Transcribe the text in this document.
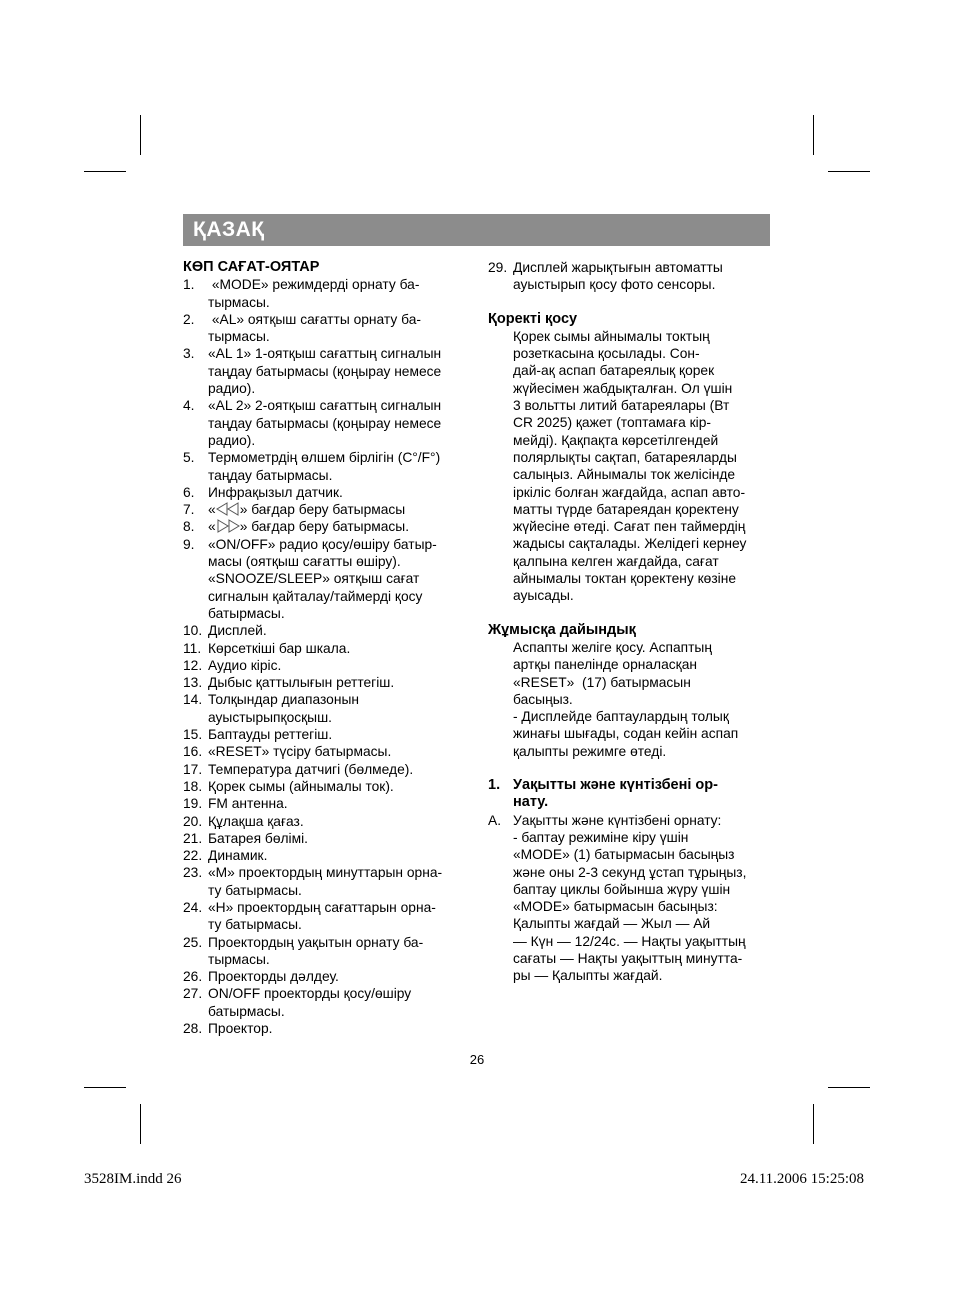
ҚАЗАҚ
КӨП САҒАТ-ОЯТАР
1. «MODE» режимдерді орнату ба-
тырмасы.
2. «AL» оятқыш сағатты орнату ба-
тырмасы.
3. «AL 1» 1-оятқыш сағаттың сигналын
таңдау батырмасы (қоңырау немесе
радио).
4. «AL 2» 2-оятқыш сағаттың сигналын
таңдау батырмасы (қоңырау немесе
радио).
5. Термометрдің өлшем бірлігін (C°/F°)
таңдау батырмасы.
6. Инфрақызыл датчик.
7. « » бағдар беру батырмасы
8. « » бағдар беру батырмасы.
9. «ON/OFF» радио қосу/өшіру батыр-
масы (оятқыш сағатты өшіру).
«SNOOZE/SLEEP» оятқыш сағат
сигналын қайталау/таймерді қосу
батырмасы.
10. Дисплей.
11. Көрсеткіші бар шкала.
12. Аудио кіріс.
13. Дыбыс қаттылығын реттегіш.
14. Толқындар диапазонын
ауыстырыпқосқыш.
15. Баптауды реттегіш.
16. «RESET» түсіру батырмасы.
17. Температура датчигі (бөлмеде).
18. Қорек сымы (айнымалы ток).
19. FM антенна.
20. Құлақша қағаз.
21. Батарея бөлімі.
22. Динамик.
23. «M» проектордың минуттарын орна-
ту батырмасы.
24. «H» проектордың сағаттарын орна-
ту батырмасы.
25. Проектордың уақытын орнату ба-
тырмасы.
26. Проекторды дәлдеу.
27. ON/OFF проекторды қосу/өшіру
батырмасы.
28. Проектор.
29. Дисплей жарықтығын автоматты
ауыстырып қосу фото сенсоры.
Қоректі қосу
Қорек сымы айнымалы токтың
розеткасына қосылады. Сон-
дай-ақ аспап батареялық қорек
жүйесімен жабдықталған. Ол үшін
3 вольтты литий батареялары (Вт
CR 2025) қажет (топтамаға кір-
мейді). Қақпақта көрсетілгендей
полярлықты сақтап, батареяларды
салыңыз. Айнымалы ток желісінде
іркіліс болған жағдайда, аспап авто-
матты түрде батареядан қоректену
жүйесіне өтеді. Сағат пен таймердің
жадысы сақталады. Желідегі кернеу
қалпына келген жағдайда, сағат
айнымалы токтан қоректену көзіне
ауысады.
Жұмысқа дайындық
Аспапты желіге қосу. Аспаптың
артқы панелінде орналасқан
«RESET»  (17) батырмасын
басыңыз.
- Дисплейде баптаулардың толық
жинағы шығады, содан кейін аспап
қалыпты режимге өтеді.
1. Уақытты және күнтізбені ор-
нату.
А. Уақытты және күнтізбені орнату:
- баптау режиміне кіру үшін
«MODE» (1) батырмасын басыңыз
және оны 2-3 секунд ұстап тұрыңыз,
баптау циклы бойынша жүру үшін
«MODE» батырмасын басыңыз:
Қалыпты жағдай — Жыл — Ай
— Күн — 12/24с. — Нақты уақыттың
сағаты — Нақты уақыттың минутта-
ры — Қалыпты жағдай.
26
3528IM.indd 26	24.11.2006 15:25:08
